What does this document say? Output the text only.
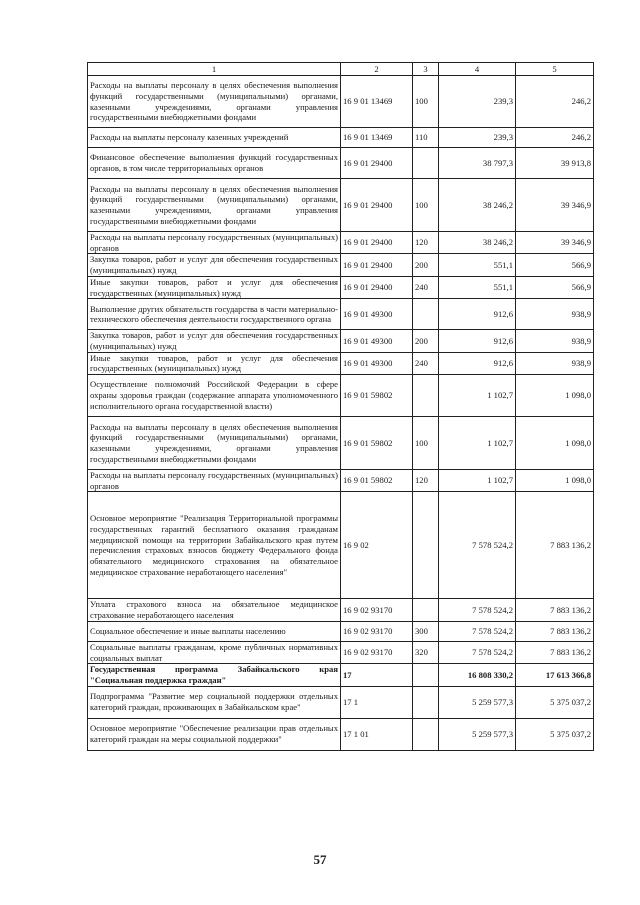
1	2	3	4	5
Расходы на выплаты персоналу в целях обеспечения выполнения функций государственными (муниципальными) органами, казенными учреждениями, органами управления государственными внебюджетными фондами	16 9 01 13469	100	239,3	246,2
Расходы на выплаты персоналу казенных учреждений	16 9 01 13469	110	239,3	246,2
Финансовое обеспечение выполнения функций государственных органов, в том числе территориальных органов	16 9 01 29400		38 797,3	39 913,8
Расходы на выплаты персоналу в целях обеспечения выполнения функций государственными (муниципальными) органами, казенными учреждениями, органами управления государственными внебюджетными фондами	16 9 01 29400	100	38 246,2	39 346,9
Расходы на выплаты персоналу государственных (муниципальных) органов	16 9 01 29400	120	38 246,2	39 346,9
Закупка товаров, работ и услуг для обеспечения государственных (муниципальных) нужд	16 9 01 29400	200	551,1	566,9
Иные закупки товаров, работ и услуг для обеспечения государственных (муниципальных) нужд	16 9 01 29400	240	551,1	566,9
Выполнение других обязательств государства в части материально-технического обеспечения деятельности государственного органа	16 9 01 49300		912,6	938,9
Закупка товаров, работ и услуг для обеспечения государственных (муниципальных) нужд	16 9 01 49300	200	912,6	938,9
Иные закупки товаров, работ и услуг для обеспечения государственных (муниципальных) нужд	16 9 01 49300	240	912,6	938,9
Осуществление полномочий Российской Федерации в сфере охраны здоровья граждан (содержание аппарата уполномоченного исполнительного органа государственной власти)	16 9 01 59802		1 102,7	1 098,0
Расходы на выплаты персоналу в целях обеспечения выполнения функций государственными (муниципальными) органами, казенными учреждениями, органами управления государственными внебюджетными фондами	16 9 01 59802	100	1 102,7	1 098,0
Расходы на выплаты персоналу государственных (муниципальных) органов	16 9 01 59802	120	1 102,7	1 098,0
Основное мероприятие "Реализация Территориальной программы государственных гарантий бесплатного оказания гражданам медицинской помощи на территории Забайкальского края путем перечисления страховых взносов бюджету Федерального фонда обязательного медицинского страхования на обязательное медицинское страхование неработающего населения"	16 9 02		7 578 524,2	7 883 136,2
Уплата страхового взноса на обязательное медицинское страхование неработающего населения	16 9 02 93170		7 578 524,2	7 883 136,2
Социальное обеспечение и иные выплаты населению	16 9 02 93170	300	7 578 524,2	7 883 136,2
Социальные выплаты гражданам, кроме публичных нормативных социальных выплат	16 9 02 93170	320	7 578 524,2	7 883 136,2
Государственная программа Забайкальского края "Социальная поддержка граждан"	17		16 808 330,2	17 613 366,8
Подпрограмма "Развитие мер социальной поддержки отдельных категорий граждан, проживающих в Забайкальском крае"	17 1		5 259 577,3	5 375 037,2
Основное мероприятие "Обеспечение реализации прав отдельных категорий граждан на меры социальной поддержки"	17 1 01		5 259 577,3	5 375 037,2
57
